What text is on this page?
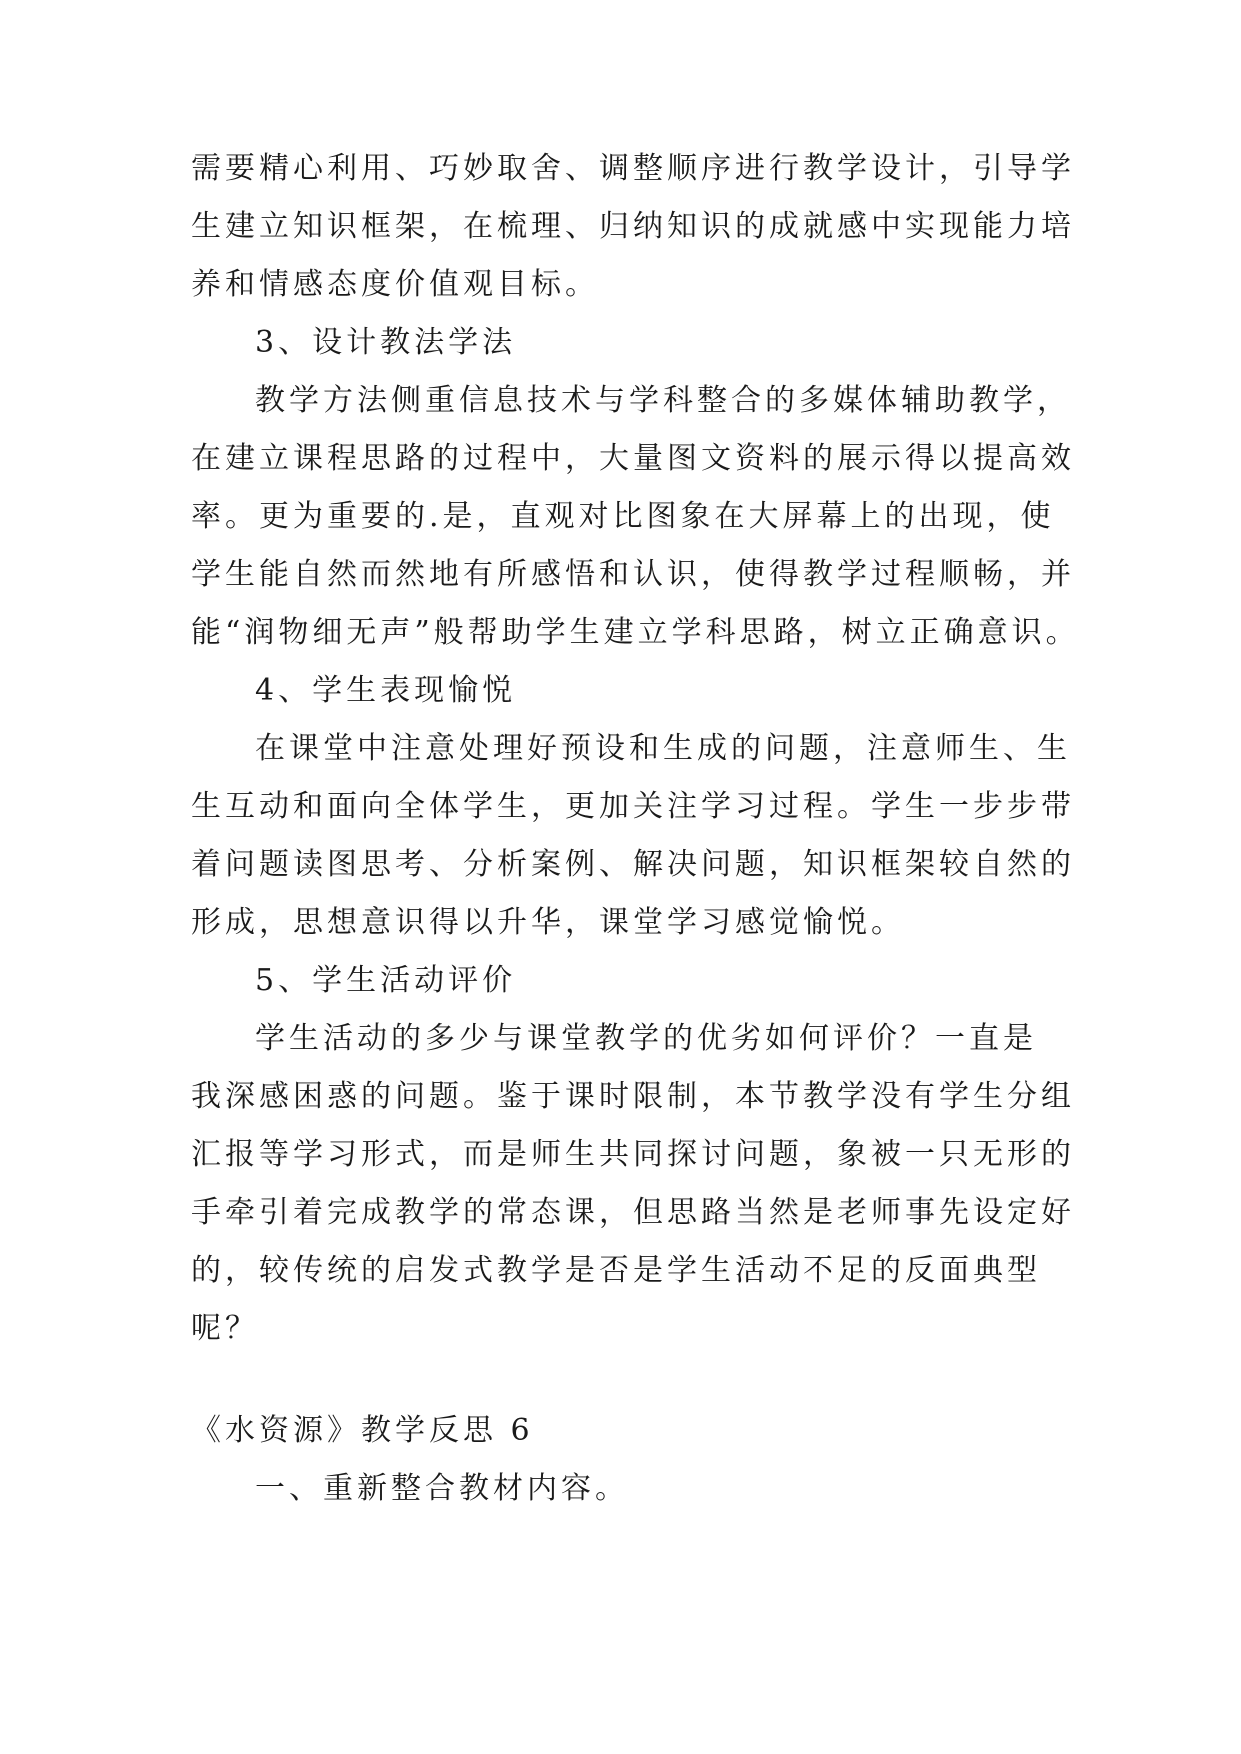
需要精心利用、巧妙取舍、调整顺序进行教学设计，引导学
生建立知识框架，在梳理、归纳知识的成就感中实现能力培
养和情感态度价值观目标。
3、设计教法学法
教学方法侧重信息技术与学科整合的多媒体辅助教学，
在建立课程思路的过程中，大量图文资料的展示得以提高效
率。更为重要的.是，直观对比图象在大屏幕上的出现，使
学生能自然而然地有所感悟和认识，使得教学过程顺畅，并
能“润物细无声”般帮助学生建立学科思路，树立正确意识。
4、学生表现愉悦
在课堂中注意处理好预设和生成的问题，注意师生、生
生互动和面向全体学生，更加关注学习过程。学生一步步带
着问题读图思考、分析案例、解决问题，知识框架较自然的
形成，思想意识得以升华，课堂学习感觉愉悦。
5、学生活动评价
学生活动的多少与课堂教学的优劣如何评价？一直是
我深感困惑的问题。鉴于课时限制，本节教学没有学生分组
汇报等学习形式，而是师生共同探讨问题，象被一只无形的
手牵引着完成教学的常态课，但思路当然是老师事先设定好
的，较传统的启发式教学是否是学生活动不足的反面典型
呢？
《水资源》教学反思 6
一、重新整合教材内容。
